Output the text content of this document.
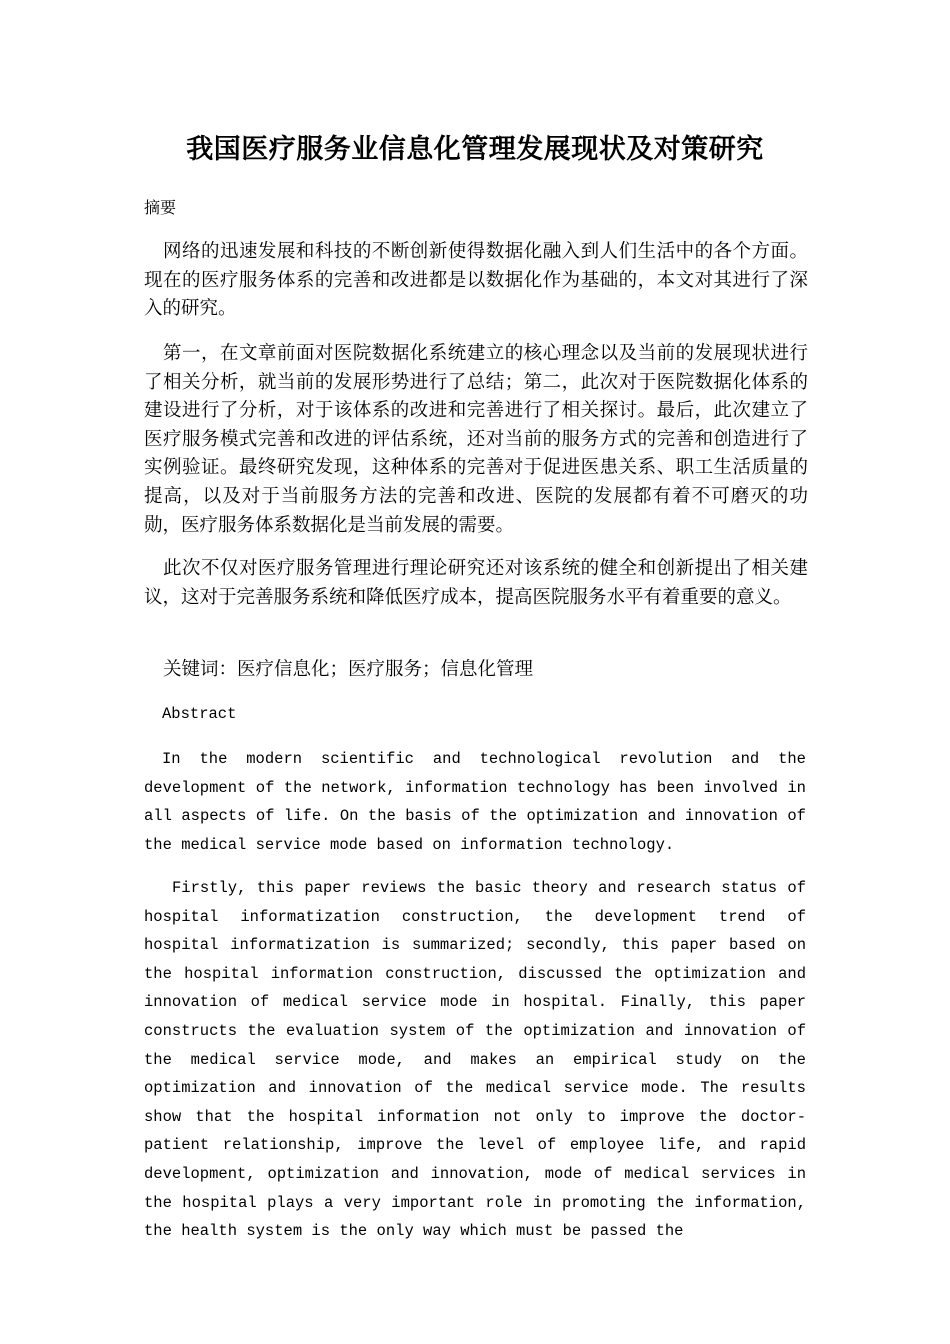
我国医疗服务业信息化管理发展现状及对策研究
摘要

网络的迅速发展和科技的不断创新使得数据化融入到人们生活中的各个方面。现在的医疗服务体系的完善和改进都是以数据化作为基础的，本文对其进行了深入的研究。

第一，在文章前面对医院数据化系统建立的核心理念以及当前的发展现状进行了相关分析，就当前的发展形势进行了总结；第二，此次对于医院数据化体系的建设进行了分析，对于该体系的改进和完善进行了相关探讨。最后，此次建立了医疗服务模式完善和改进的评估系统，还对当前的服务方式的完善和创造进行了实例验证。最终研究发现，这种体系的完善对于促进医患关系、职工生活质量的提高，以及对于当前服务方法的完善和改进、医院的发展都有着不可磨灭的功勋，医疗服务体系数据化是当前发展的需要。

此次不仅对医疗服务管理进行理论研究还对该系统的健全和创新提出了相关建议，这对于完善服务系统和降低医疗成本，提高医院服务水平有着重要的意义。

关键词：医疗信息化；医疗服务；信息化管理
Abstract

In the modern scientific and technological revolution and the development of the network, information technology has been involved in all aspects of life. On the basis of the optimization and innovation of the medical service mode based on information technology.

Firstly, this paper reviews the basic theory and research status of hospital informatization construction, the development trend of hospital informatization is summarized; secondly, this paper based on the hospital information construction, discussed the optimization and innovation of medical service mode in hospital. Finally, this paper constructs the evaluation system of the optimization and innovation of the medical service mode, and makes an empirical study on the optimization and innovation of the medical service mode. The results show that the hospital information not only to improve the doctor-patient relationship, improve the level of employee life, and rapid development, optimization and innovation, mode of medical services in the hospital plays a very important role in promoting the information, the health system is the only way which must be passed the
